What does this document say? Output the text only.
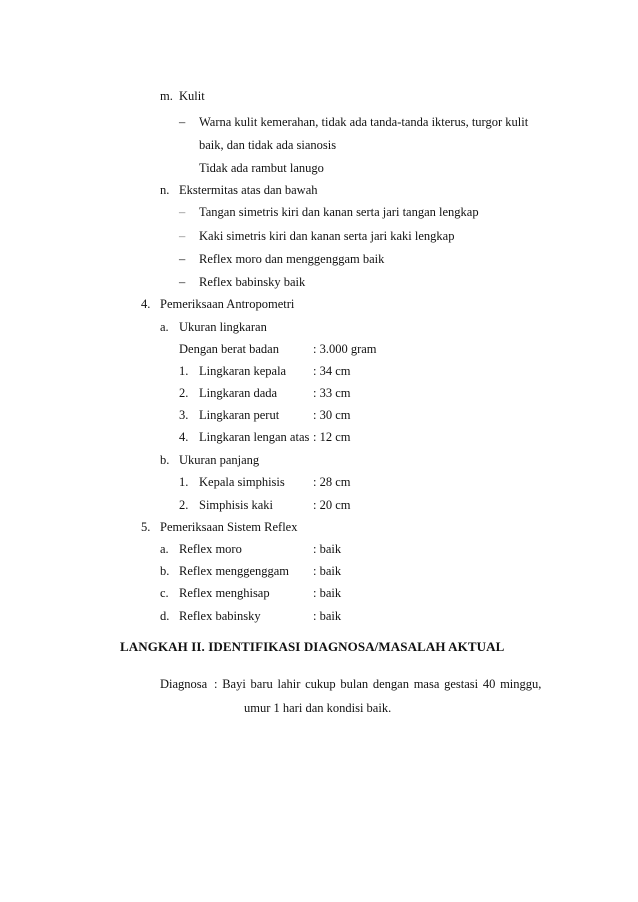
m. Kulit
– Warna kulit kemerahan, tidak ada tanda-tanda ikterus, turgor kulit
baik, dan tidak ada sianosis
Tidak ada rambut lanugo
n. Ekstermitas atas dan bawah
– Tangan simetris kiri dan kanan serta jari tangan lengkap
– Kaki simetris kiri dan kanan serta jari kaki lengkap
– Reflex moro dan menggenggam baik
– Reflex babinsky baik
4. Pemeriksaan Antropometri
a. Ukuran lingkaran
Dengan berat badan	: 3.000 gram
1. Lingkaran kepala : 34 cm
2. Lingkaran dada	: 33 cm
3. Lingkaran perut	: 30 cm
4. Lingkaran lengan atas : 12 cm
b. Ukuran panjang
1. Kepala simphisis : 28 cm
2. Simphisis kaki	: 20 cm
5. Pemeriksaan Sistem Reflex
a. Reflex moro	: baik
b. Reflex menggenggam : baik
c. Reflex menghisap	: baik
d. Reflex babinsky	: baik
LANGKAH II. IDENTIFIKASI DIAGNOSA/MASALAH AKTUAL
Diagnosa : Bayi baru lahir cukup bulan dengan masa gestasi 40 minggu,
umur 1 hari dan kondisi baik.
